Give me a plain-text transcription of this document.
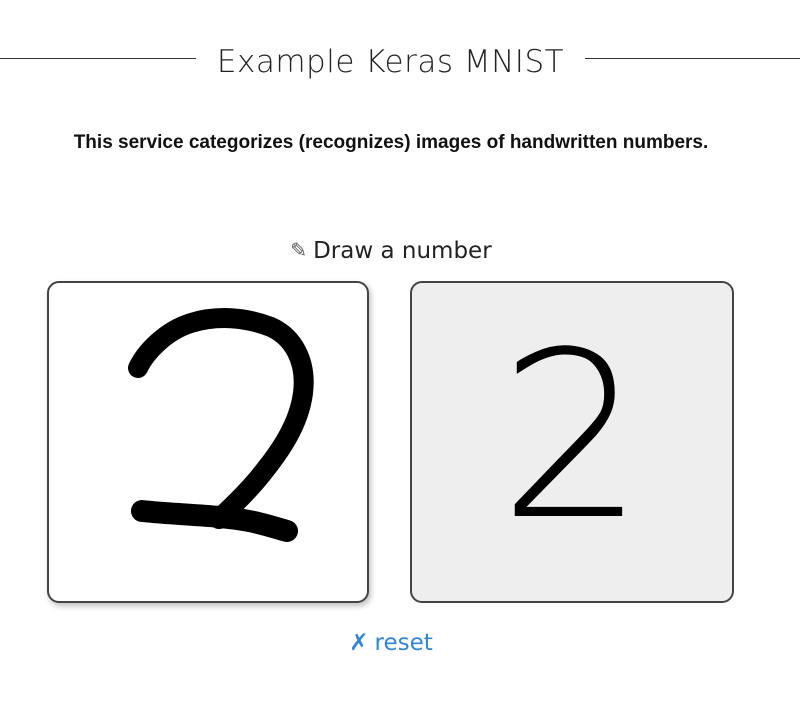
Example Keras MNIST
This service categorizes (recognizes) images of handwritten numbers.
✎ Draw a number
2
✗ reset
